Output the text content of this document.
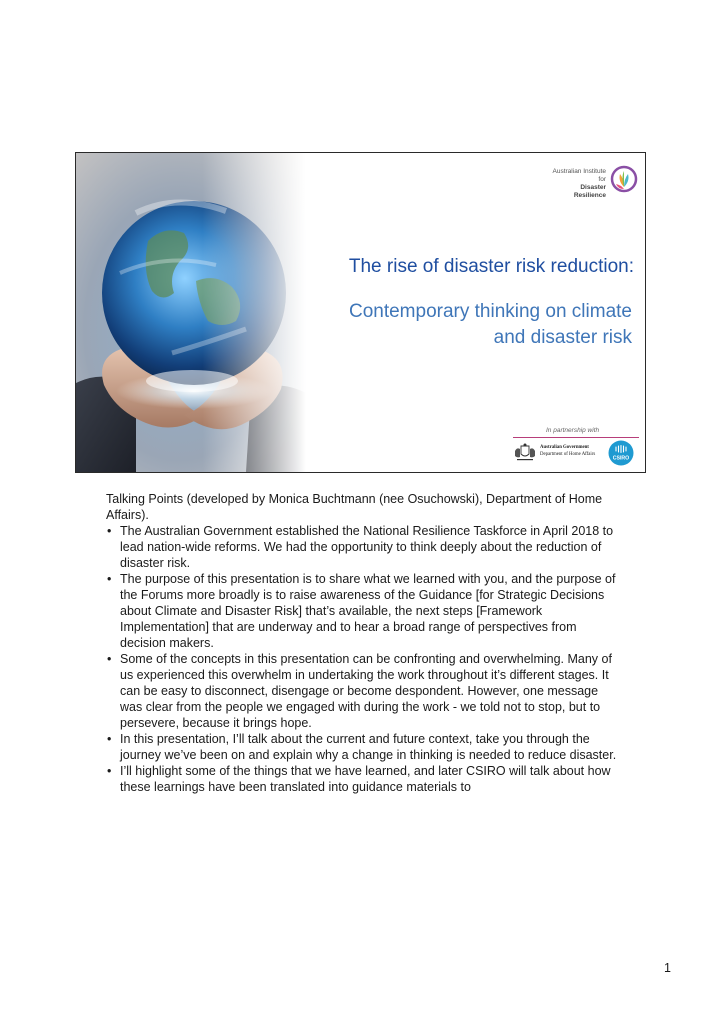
Australian Institute for
Disaster Resilience
The rise of disaster risk reduction:
Contemporary thinking on climate
and disaster risk
In partnership with
Australian Government
Department of Home Affairs
CSIRO

Talking Points (developed by Monica Buchtmann (nee Osuchowski), Department of Home Affairs).

• The Australian Government established the National Resilience Taskforce in April 2018 to lead nation-wide reforms. We had the opportunity to think deeply about the reduction of disaster risk.
• The purpose of this presentation is to share what we learned with you, and the purpose of the Forums more broadly is to raise awareness of the Guidance [for Strategic Decisions about Climate and Disaster Risk] that’s available, the next steps [Framework Implementation] that are underway and to hear a broad range of perspectives from decision makers.
• Some of the concepts in this presentation can be confronting and overwhelming. Many of us experienced this overwhelm in undertaking the work throughout it’s different stages. It can be easy to disconnect, disengage or become despondent. However, one message was clear from the people we engaged with during the work - we told not to stop, but to persevere, because it brings hope.
• In this presentation, I’ll talk about the current and future context, take you through the journey we’ve been on and explain why a change in thinking is needed to reduce disaster.
• I’ll highlight some of the things that we have learned, and later CSIRO will talk about how these learnings have been translated into guidance materials to
1
